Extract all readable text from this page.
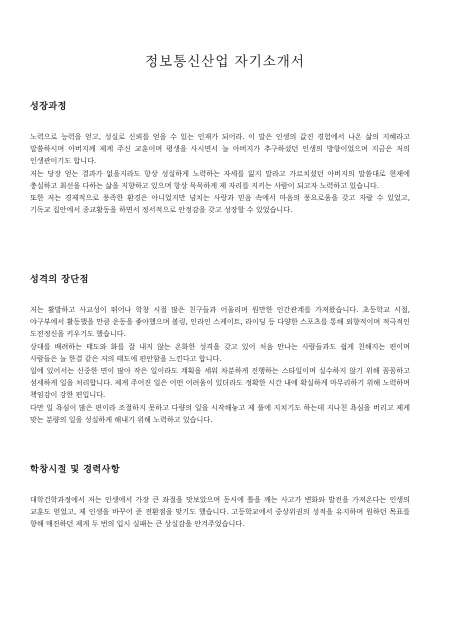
정보통신산업 자기소개서
성장과정

노력으로 능력을 얻고, 성실로 신뢰를 얻을 수 있는 인재가 되어라. 이 말은 인생의 값진 경험에서 나온 삶의 지혜라고 말씀하시며 아버지께 제게 주신 교훈이며 평생을 사시면서 늘 아버지가 추구하셨던 인생의 방향이었으며 지금은 저의 인생관이기도 합니다.

저는 당장 얻는 결과가 없을지라도 항상 성실하게 노력하는 자세를 잃지 말라고 가르치셨던 아버지의 말씀대로 현재에 충실하고 최선을 다하는 삶을 지향하고 있으며 항상 묵묵하게 제 자리를 지키는 사람이 되고자 노력하고 있습니다.

또한 저는 경제적으로 풍족한 환경은 아니었지만 넘치는 사랑과 믿음 속에서 마음의 풍요로움을 갖고 자랄 수 있었고, 기독교 집안에서 종교활동을 하면서 정서적으로 안정감을 갖고 성장할 수 있었습니다.

성격의 장단점

저는 활발하고 사교성이 뛰어나 학창 시절 많은 친구들과 어울리며 원만한 인간관계를 가져왔습니다. 초등학교 시절, 야구부에서 활동했을 만큼 운동을 좋아했으며 볼링, 인라인 스케이트, 라이딩 등 다양한 스포츠를 통해 외향적이며 적극적인 도전정신을 키우기도 했습니다.

상대를 배려하는 태도와 화를 잘 내지 않는 온화한 성격을 갖고 있어 처음 만나는 사람들과도 쉽게 친해지는 편이며 사람들은 늘 한결 같은 저의 태도에 편안함을 느낀다고 합니다.

일에 있어서는 신중한 면이 많아 작은 일이라도 계획을 세워 차분하게 진행하는 스타일이며 실수하지 않기 위해 꼼꼼하고 섬세하게 일을 처리합니다. 제게 주어진 일은 어떤 어려움이 있더라도 정확한 시간 내에 확실하게 마무리하기 위해 노력하며 책임감이 강한 편입니다.

다만 일 욕심이 많은 편이라 조절하지 못하고 다량의 일을 시작해놓고 제 풀에 지치기도 하는데 지나친 욕심을 버리고 제게 맞는 분량의 일을 성실하게 해내기 위해 노력하고 있습니다.

학창시절 및 경력사항

대학건학과정에서 저는 인생에서 가장 큰 좌절을 맛보았으며 동시에 틀을 깨는 사고가 변화와 발전을 가져온다는 인생의 교훈도 얻었고, 제 인생을 바꾸어 준 전환점을 맞기도 했습니다. 고등학교에서 중상위권의 성적을 유지하며 원하던 목표를 향해 매진하던 제게 두 번의 입시 실패는 큰 상실감을 안겨주었습니다.
